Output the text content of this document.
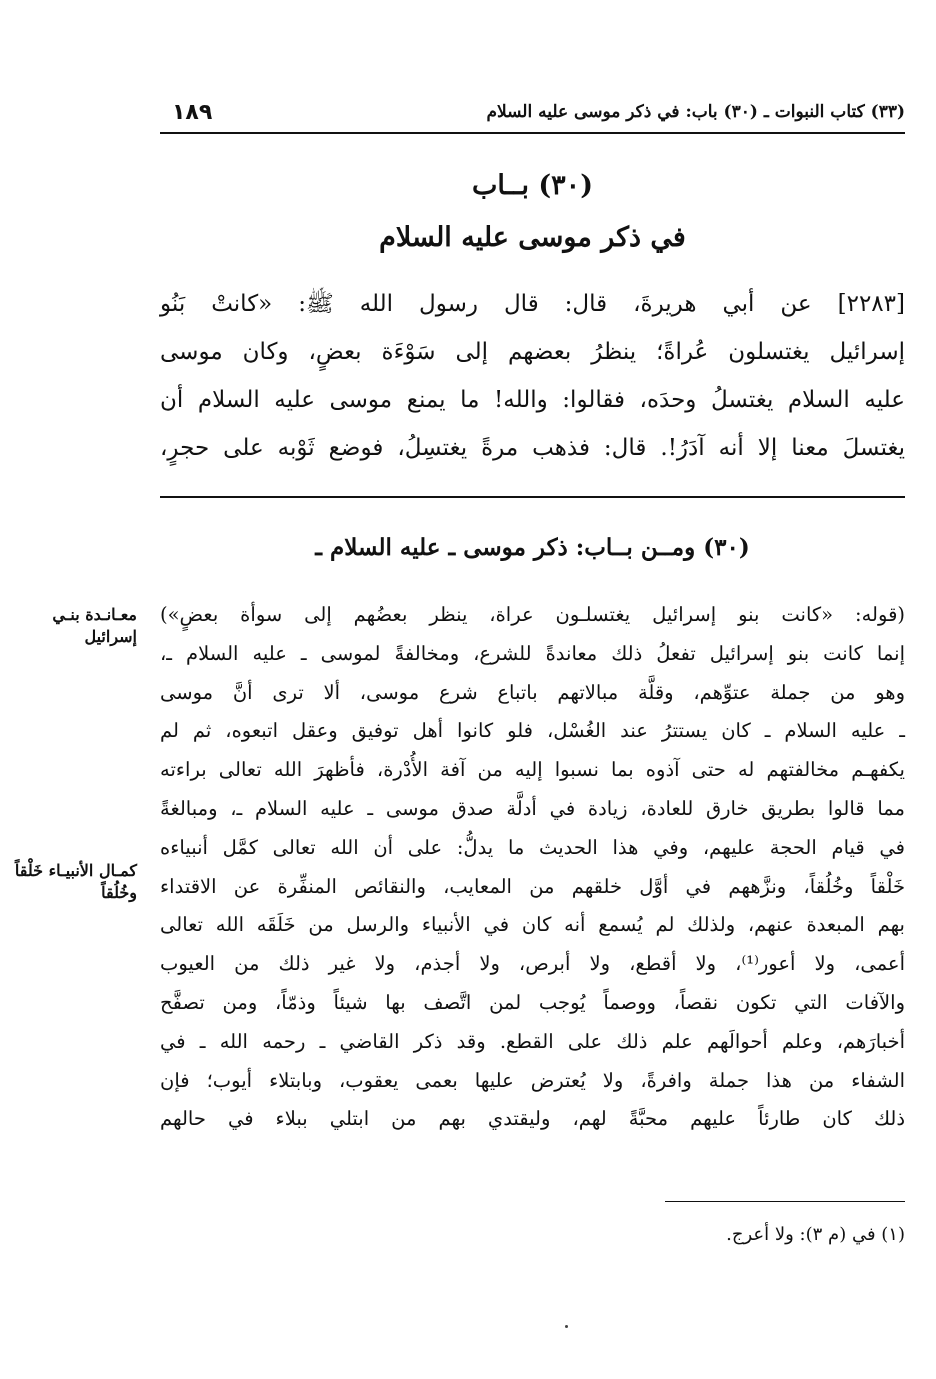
١٨٩	(٣٣) كتاب النبوات ـ (٣٠) باب: في ذكر موسى عليه السلام
(٣٠) بــاب
في ذكر موسى عليه السلام
[٢٢٨٣] عن أبي هريرةَ، قال: قال رسول الله ﷺ: «كانتْ بَنُو
إسرائيل يغتسلون عُراةً؛ ينظرُ بعضهم إلى سَوْءَة بعضٍ، وكان موسى
عليه السلام يغتسلُ وحدَه، فقالوا: والله! ما يمنع موسى عليه السلام أن
يغتسلَ معنا إلا أنه آدَرُ!. قال: فذهب مرةً يغتسِلُ، فوضع ثَوْبه على حجرٍ،
(٣٠) ومــن بــاب: ذكر موسى ـ عليه السلام ـ
(قوله: «كانت بنو إسرائيل يغتسلـون عراة، ينظر بعضُهم إلى سوأة بعضٍ»)
إنما كانت بنو إسرائيل تفعلُ ذلك معاندةً للشرع، ومخالفةً لموسى ـ عليه السلام ـ،
وهو من جملة عتوِّهم، وقلَّة مبالاتهم باتباع شرع موسى، ألا ترى أنَّ موسى
ـ عليه السلام ـ كان يستترُ عند الغُسْل، فلو كانوا أهل توفيق وعقل اتبعوه، ثم لم
يكفهـم مخالفتهم له حتى آذوه بما نسبوا إليه من آفة الأُدْرة، فأظهرَ الله تعالى براءته
مما قالوا بطريق خارق للعادة، زيادة في أدلَّة صدق موسى ـ عليه السلام ـ، ومبالغةً
في قيام الحجة عليهم، وفي هذا الحديث ما يدلُّ: على أن الله تعالى كمَّل أنبياءه
خَلْقاً وخُلُقاً، ونزَّههم في أوَّل خلقهم من المعايب، والنقائص المنفِّرة عن الاقتداء
بهم المبعدة عنهم، ولذلك لم يُسمع أنه كان في الأنبياء والرسل من خَلَقَه الله تعالى
أعمى، ولا أعور⁽¹⁾، ولا أقطع، ولا أبرص، ولا أجذم، ولا غير ذلك من العيوب
والآفات التي تكون نقصاً، ووصماً يُوجب لمن اتَّصف بها شيئاً وذمّاً، ومن تصفَّح
أخبارَهم، وعلم أحوالَهم علم ذلك على القطع. وقد ذكر القاضي ـ رحمه الله ـ في
الشفاء من هذا جملة وافرةً، ولا يُعترض عليها بعمى يعقوب، وبابتلاء أيوب؛ فإن
ذلك كان طارئاً عليهم محبَّةً لهم، وليقتدي بهم من ابتلي ببلاء في حالهم
معـانـدة بنـي إسرائيل
كمـال الأنبيـاء خَلْقاً وخُلُقاً
(١) في (م ٣): ولا أعرج.
